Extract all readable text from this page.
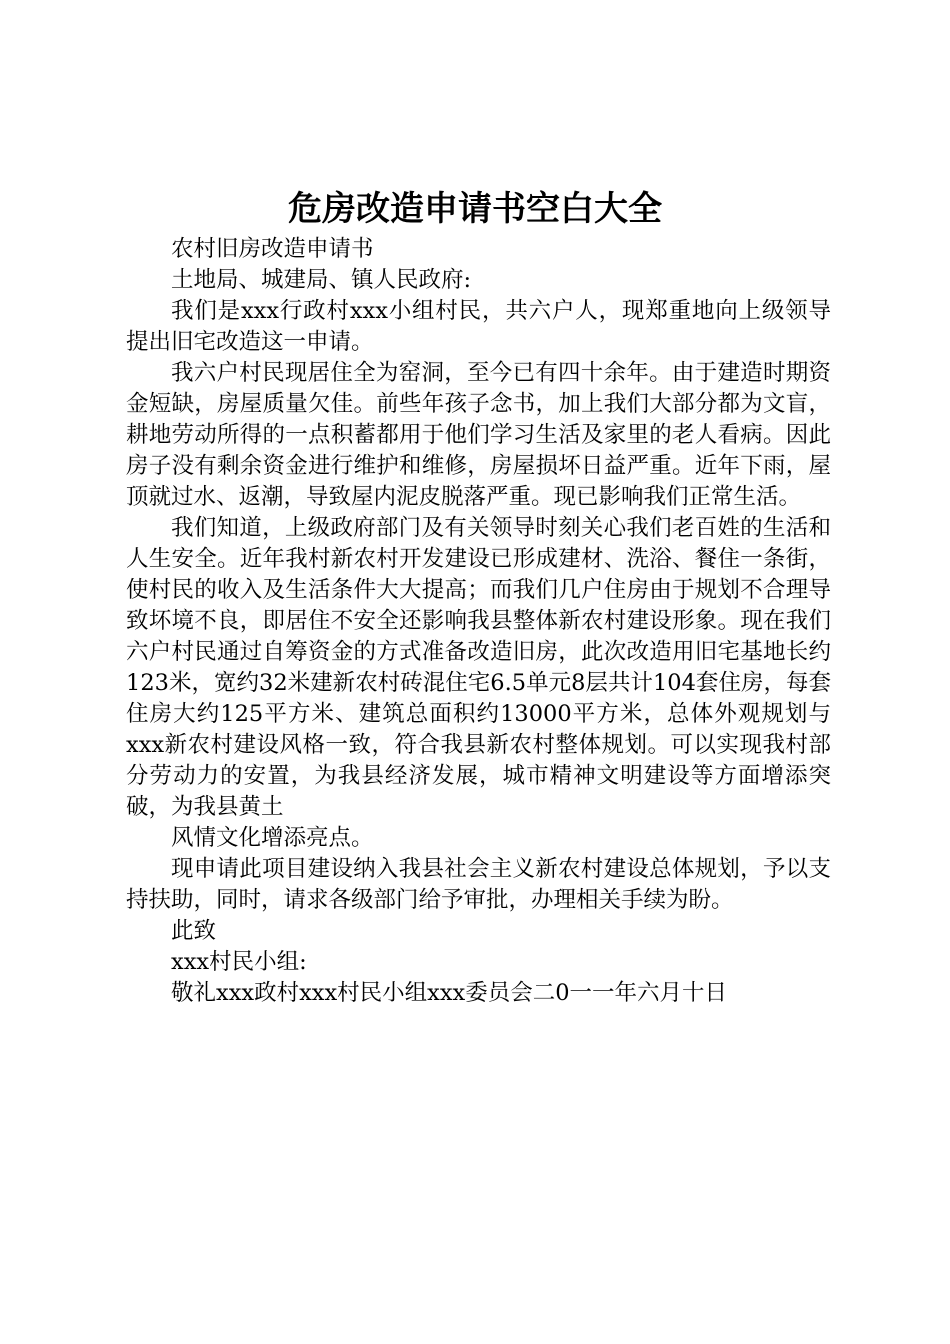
危房改造申请书空白大全

农村旧房改造申请书

土地局、城建局、镇人民政府:

我们是xxx行政村xxx小组村民，共六户人，现郑重地向上级领导提出旧宅改造这一申请。

我六户村民现居住全为窑洞，至今已有四十余年。由于建造时期资金短缺，房屋质量欠佳。前些年孩子念书，加上我们大部分都为文盲，耕地劳动所得的一点积蓄都用于他们学习生活及家里的老人看病。因此房子没有剩余资金进行维护和维修，房屋损坏日益严重。近年下雨，屋顶就过水、返潮，导致屋内泥皮脱落严重。现已影响我们正常生活。

我们知道，上级政府部门及有关领导时刻关心我们老百姓的生活和人生安全。近年我村新农村开发建设已形成建材、洗浴、餐住一条街，使村民的收入及生活条件大大提高；而我们几户住房由于规划不合理导致坏境不良，即居住不安全还影响我县整体新农村建设形象。现在我们六户村民通过自筹资金的方式准备改造旧房，此次改造用旧宅基地长约123米，宽约32米建新农村砖混住宅6.5单元8层共计104套住房，每套住房大约125平方米、建筑总面积约13000平方米，总体外观规划与xxx新农村建设风格一致，符合我县新农村整体规划。可以实现我村部分劳动力的安置，为我县经济发展，城市精神文明建设等方面增添突破，为我县黄土

风情文化增添亮点。

现申请此项目建设纳入我县社会主义新农村建设总体规划，予以支持扶助，同时，请求各级部门给予审批，办理相关手续为盼。

此致

xxx村民小组:

敬礼xxx政村xxx村民小组xxx委员会二0一一年六月十日
